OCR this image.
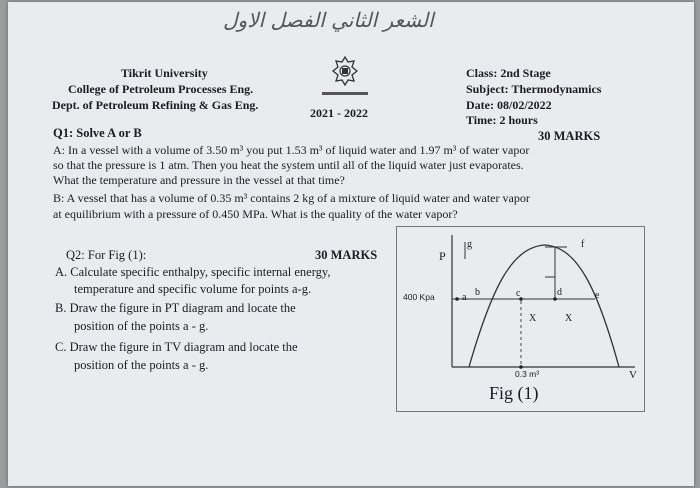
الشعر الثاني الفصل الاول
Tikrit University
College of Petroleum Processes Eng.
Dept. of Petroleum Refining & Gas Eng.
2021 - 2022
Class: 2nd Stage
Subject: Thermodynamics
Date: 08/02/2022
Time: 2 hours
Q1: Solve A or B	30 MARKS
A: In a vessel with a volume of 3.50 m³ you put 1.53 m³ of liquid water and 1.97 m³ of water vapor
so that the pressure is 1 atm. Then you heat the system until all of the liquid water just evaporates.
What the temperature and pressure in the vessel at that time?
B: A vessel that has a volume of 0.35 m³ contains 2 kg of a mixture of liquid water and water vapor
at equilibrium with a pressure of 0.450 MPa. What is the quality of the water vapor?
Q2: For Fig (1):	30 MARKS
A. Calculate specific enthalpy, specific internal energy,
temperature and specific volume for points a-g.
B. Draw the figure in PT diagram and locate the
position of the points a - g.
C. Draw the figure in TV diagram and locate the
position of the points a - g.
P
V
400 Kpa
0.3 m³
a b	c	d	e
f
g
X	X
Fig (1)
